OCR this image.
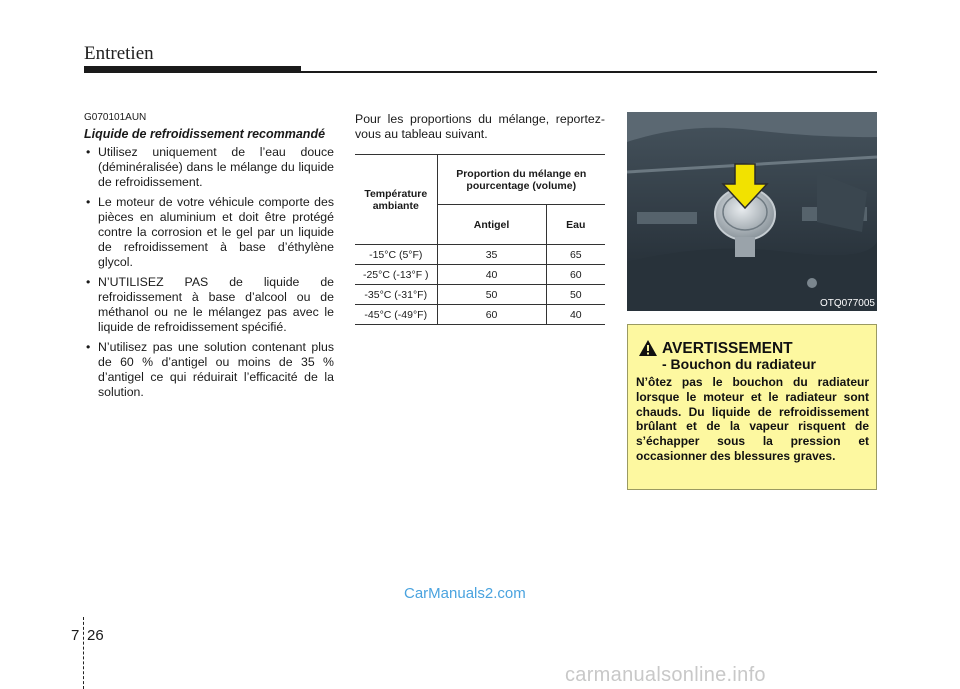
Entretien
G070101AUN
Liquide de refroidissement recommandé
• Utilisez uniquement de l’eau douce (déminéralisée) dans le mélange du liquide de refroidissement.
• Le moteur de votre véhicule comporte des pièces en aluminium et doit être protégé contre la corrosion et le gel par un liquide de refroidissement à base d’éthylène glycol.
• N’UTILISEZ PAS de liquide de refroidissement à base d’alcool ou de méthanol ou ne le mélangez pas avec le liquide de refroidissement spécifié.
• N’utilisez pas une solution contenant plus de 60 % d’antigel ou moins de 35 % d’antigel ce qui réduirait l’efficacité de la solution.
Pour les proportions du mélange, reportez-vous au tableau suivant.
Température ambiante	Proportion du mélange en pourcentage (volume)	
	Antigel	Eau
-15°C (5°F)	35	65
-25°C (-13°F )	40	60
-35°C (-31°F)	50	50
-45°C (-49°F)	60	40
OTQ077005
AVERTISSEMENT
- Bouchon du radiateur
N’ôtez pas le bouchon du radiateur lorsque le moteur et le radiateur sont chauds. Du liquide de refroidissement brûlant et de la vapeur risquent de s’échapper sous la pression et occasionner des blessures graves.
CarManuals2.com
7 26
carmanualsonline.info
